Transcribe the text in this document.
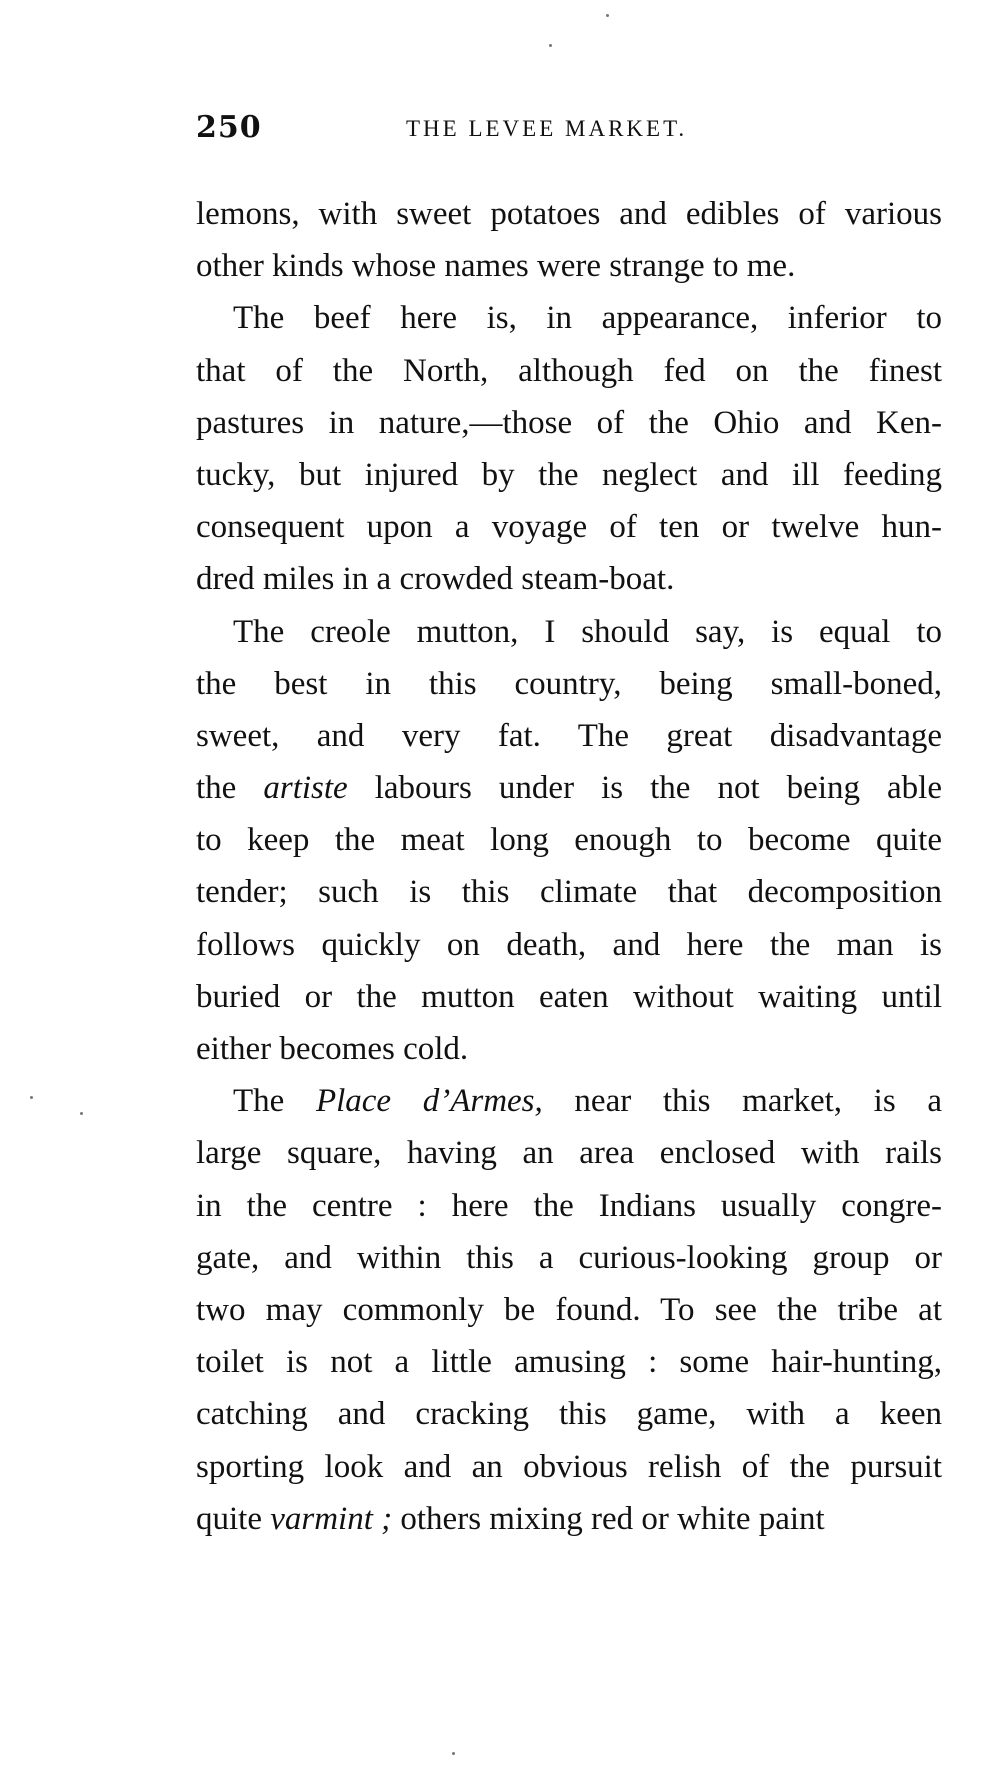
250	THE LEVEE MARKET.
lemons, with sweet potatoes and edibles of various
other kinds whose names were strange to me.
The beef here is, in appearance, inferior to
that of the North, although fed on the finest
pastures in nature,—those of the Ohio and Ken-
tucky, but injured by the neglect and ill feeding
consequent upon a voyage of ten or twelve hun-
dred miles in a crowded steam-boat.
The creole mutton, I should say, is equal to
the best in this country, being small-boned,
sweet, and very fat. The great disadvantage
the artiste labours under is the not being able
to keep the meat long enough to become quite
tender; such is this climate that decomposition
follows quickly on death, and here the man is
buried or the mutton eaten without waiting until
either becomes cold.
The Place d’Armes, near this market, is a
large square, having an area enclosed with rails
in the centre : here the Indians usually congre-
gate, and within this a curious-looking group or
two may commonly be found. To see the tribe at
toilet is not a little amusing : some hair-hunting,
catching and cracking this game, with a keen
sporting look and an obvious relish of the pursuit
quite varmint ; others mixing red or white paint
